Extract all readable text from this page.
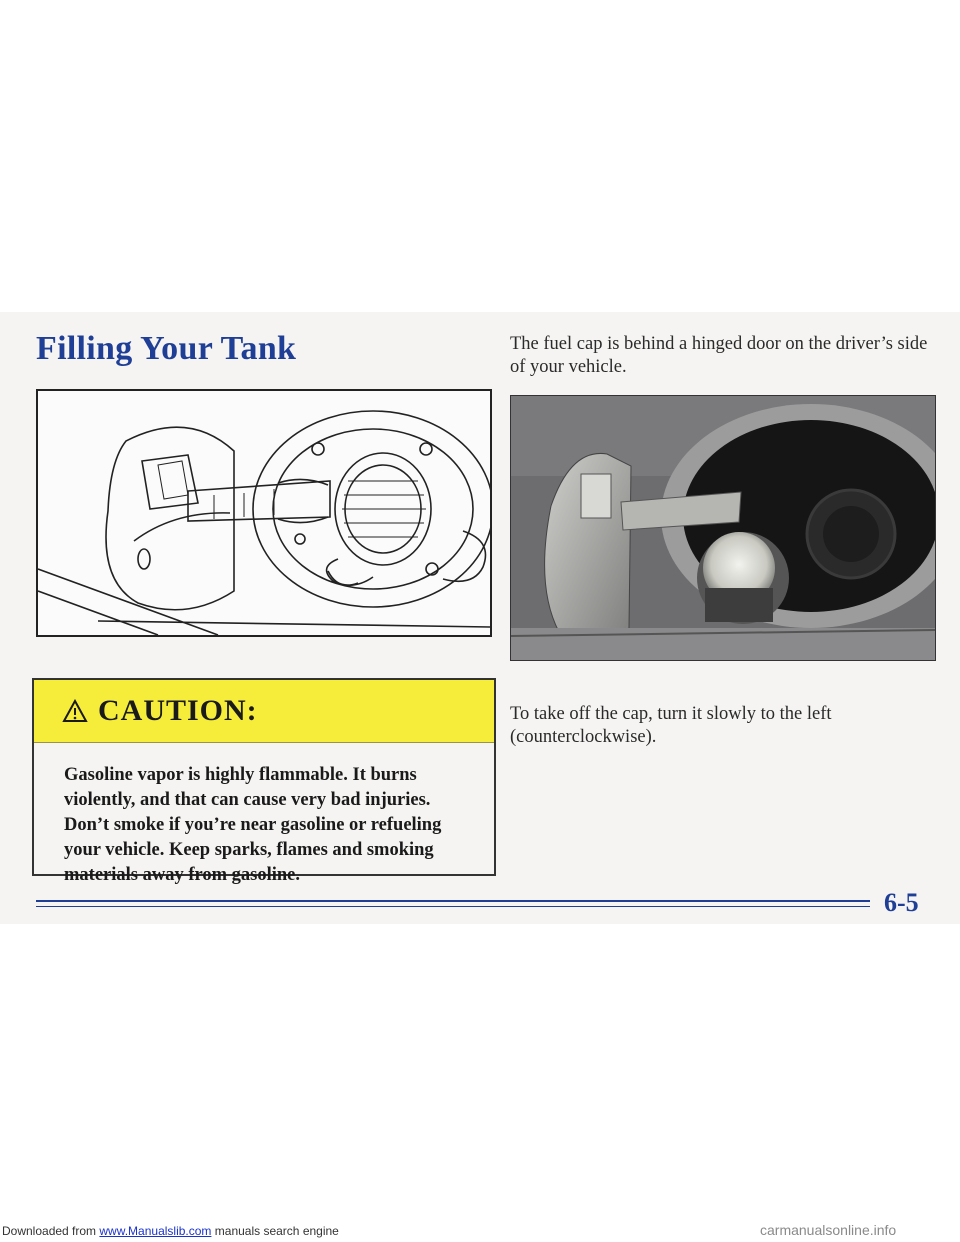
Filling Your Tank
CAUTION:

Gasoline vapor is highly flammable. It burns violently, and that can cause very bad injuries. Don’t smoke if you’re near gasoline or refueling your vehicle. Keep sparks, flames and smoking materials away from gasoline.

The fuel cap is behind a hinged door on the driver’s side of your vehicle.

To take off the cap, turn it slowly to the left (counterclockwise).

6-5

Downloaded from www.Manualslib.com manuals search engine	carmanualsonline.info
